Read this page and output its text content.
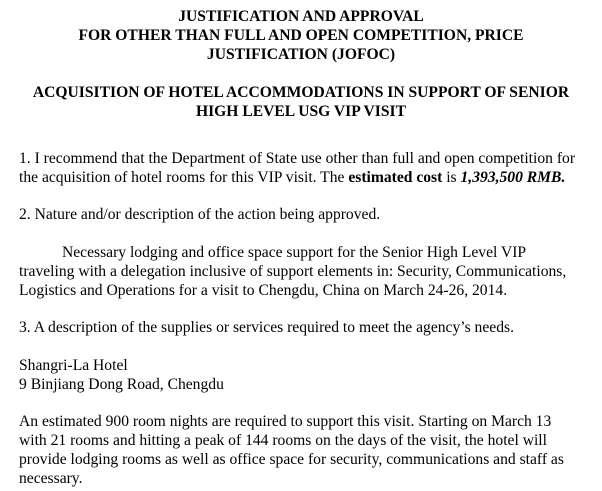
JUSTIFICATION AND APPROVAL
FOR OTHER THAN FULL AND OPEN COMPETITION, PRICE
JUSTIFICATION (JOFOC)
ACQUISITION OF HOTEL ACCOMMODATIONS IN SUPPORT OF SENIOR
HIGH LEVEL USG VIP VISIT
1. I recommend that the Department of State use other than full and open competition for
the acquisition of hotel rooms for this VIP visit. The estimated cost is 1,393,500 RMB.
2. Nature and/or description of the action being approved.
Necessary lodging and office space support for the Senior High Level VIP
traveling with a delegation inclusive of support elements in: Security, Communications,
Logistics and Operations for a visit to Chengdu, China on March 24-26, 2014.
3. A description of the supplies or services required to meet the agency’s needs.
Shangri-La Hotel
9 Binjiang Dong Road, Chengdu
An estimated 900 room nights are required to support this visit. Starting on March 13
with 21 rooms and hitting a peak of 144 rooms on the days of the visit, the hotel will
provide lodging rooms as well as office space for security, communications and staff as
necessary.
